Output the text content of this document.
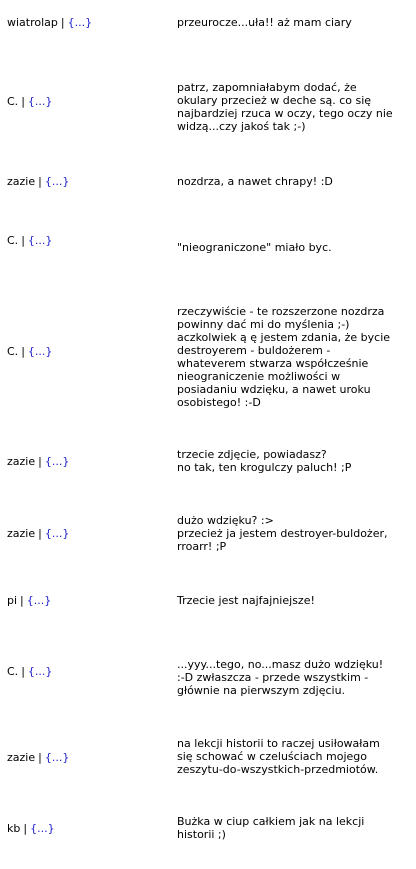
wiatrolap | {...}	przeurocze...uła!! aż mam ciary
C. | {...}
patrz, zapomniałabym dodać, że
okulary przecież w deche są. co się
najbardziej rzuca w oczy, tego oczy nie
widzą...czy jakoś tak ;-)
zazie | {...}	nozdrza, a nawet chrapy! :D
C. | {...}
"nieograniczone" miało byc.
C. | {...}
rzeczywiście - te rozszerzone nozdrza
powinny dać mi do myślenia ;-)
aczkolwiek ą ę jestem zdania, że bycie
destroyerem - buldożerem -
whateverem stwarza współcześnie
nieograniczenie możliwości w
posiadaniu wdzięku, a nawet uroku
osobistego! :-D
zazie | {...}
trzecie zdjęcie, powiadasz?
no tak, ten krogulczy paluch! ;P
zazie | {...}
dużo wdzięku? :>
przecież ja jestem destroyer-buldożer,
rroarr! ;P
pi | {...}	Trzecie jest najfajniejsze!
C. | {...}
...yyy...tego, no...masz dużo wdzięku!
:-D zwłaszcza - przede wszystkim -
głównie na pierwszym zdjęciu.
zazie | {...}
na lekcji historii to raczej usiłowałam
się schować w czeluściach mojego
zeszytu-do-wszystkich-przedmiotów.
kb | {...}
Bużka w ciup całkiem jak na lekcji
historii ;)
